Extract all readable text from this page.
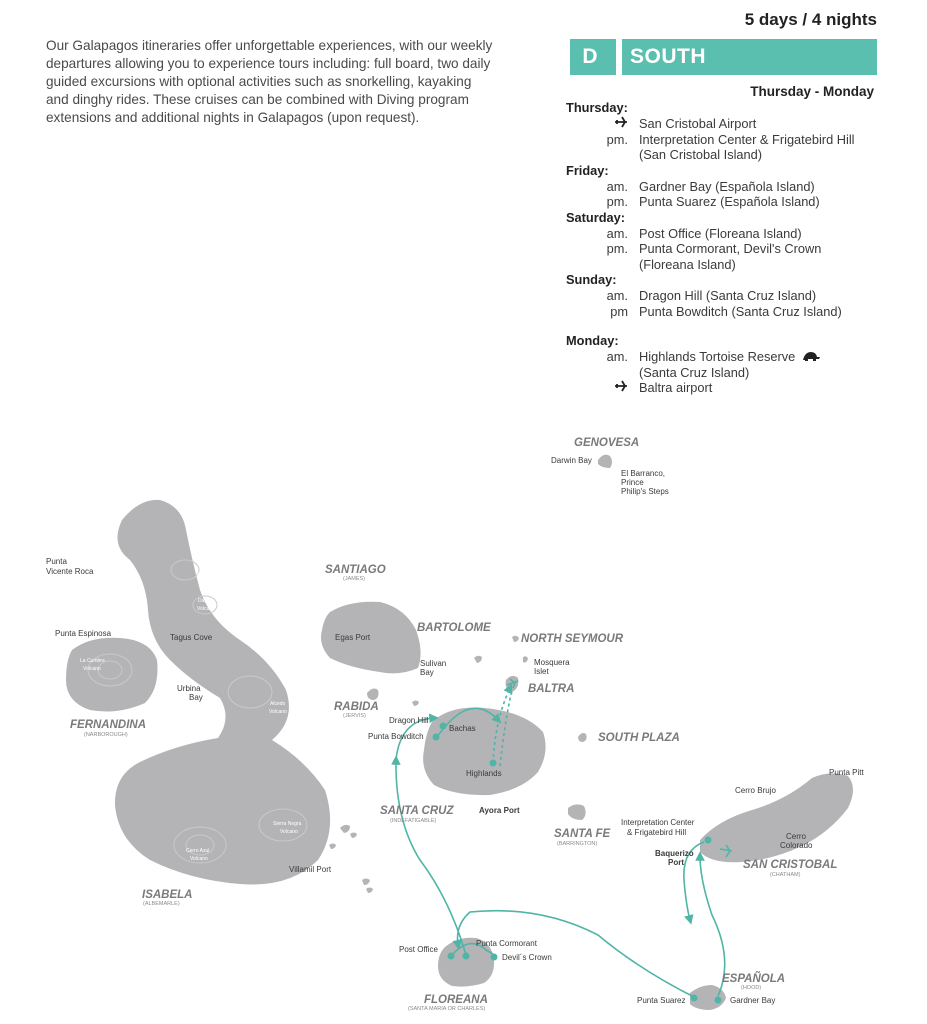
Our Galapagos itineraries offer unforgettable experiences, with our weekly departures allowing you to experience tours including: full board, two daily guided excursions with optional activities such as snorkelling, kayaking and dinghy rides. These cruises can be combined with Diving program extensions and additional nights in Galapagos (upon request).

5 days / 4 nights
D	SOUTH
Thursday - Monday
Thursday:
San Cristobal Airport
pm. Interpretation Center & Frigatebird Hill
(San Cristobal Island)
Friday:
am. Gardner Bay (Española Island)
pm. Punta Suarez (Española Island)
Saturday:
am. Post Office (Floreana Island)
pm. Punta Cormorant, Devil's Crown
(Floreana Island)
Sunday:
am. Dragon Hill (Santa Cruz Island)
pm Punta Bowditch (Santa Cruz Island)
Monday:
am. Highlands Tortoise Reserve
(Santa Cruz Island)
Baltra airport
GENOVESA
SANTIAGO
BARTOLOME
NORTH SEYMOUR
BALTRA
RABIDA
SOUTH PLAZA
FERNANDINA
ISABELA
SANTA CRUZ
SANTA FE
SAN CRISTOBAL
ESPAÑOLA
FLOREANA
(JAMES)
(JERVIS)
(NARBOROUGH)
(ALBEMARLE)
(INDEFATIGABLE)
(BARRINGTON)
(CHATHAM)
(HOOD)
(SANTA MARIA OR CHARLES)
Darwin Bay
El Barranco,
Prince
Philip's Steps
Punta
Vicente Roca
Punta Espinosa	Tagus Cove
Urbina
Bay
Villamil Port
Egas Port
Sulivan
Bay
Mosquera
Islet
Dragon Hill
Bachas
Punta Bowditch
Highlands
Cerro Brujo
Punta Pitt
Interpretation Center
& Frigatebird Hill	Cerro
Colorado
Post Office
Punta Cormorant
Devil´s Crown
Punta Suarez	Gardner Bay
Ayora Port
Baquerizo
Port
Wolf
Volcano
Darwin
Volcano
La Cumbre
Volcano
Alcedo
Volcano
Sierra Negra
Volcano
Cerro Azul
Volcano
